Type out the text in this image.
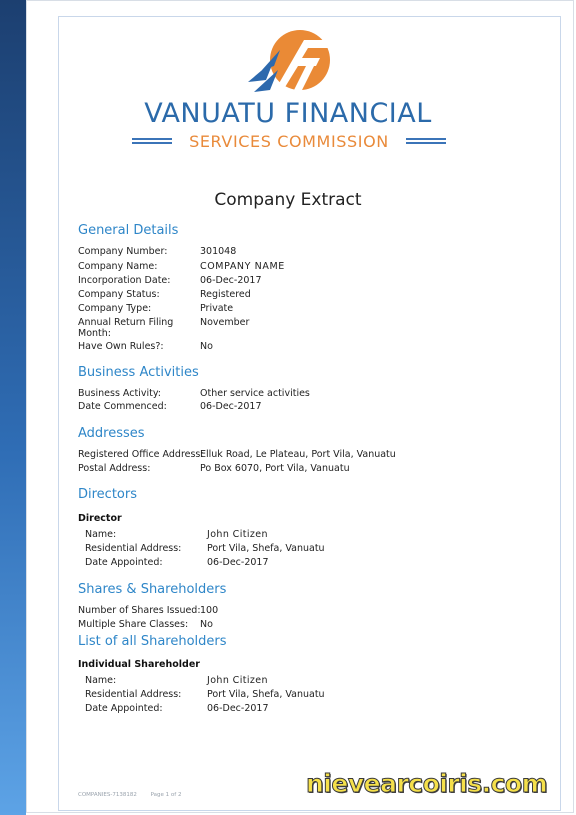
VANUATU FINANCIAL
SERVICES COMMISSION
Company Extract
General Details
Company Number:	301048
Company Name:	COMPANY NAME
Incorporation Date:	06-Dec-2017
Company Status:	Registered
Company Type:	Private
Annual Return Filing
Month:
November
Have Own Rules?:	No
Business Activities
Business Activity:	Other service activities
Date Commenced:	06-Dec-2017
Addresses
Registered Office Address:
Elluk Road, Le Plateau, Port Vila, Vanuatu
Postal Address:	Po Box 6070, Port Vila, Vanuatu
Directors
Director
Name:	John Citizen
Residential Address:	Port Vila, Shefa, Vanuatu
Date Appointed:	06-Dec-2017
Shares & Shareholders
Number of Shares Issued: 100
Multiple Share Classes: No
List of all Shareholders
Individual Shareholder
Name:	John Citizen
Residential Address:	Port Vila, Shefa, Vanuatu
Date Appointed:	06-Dec-2017
COMPANIES-7138182	Page 1 of 2	nievearcoiris.com
